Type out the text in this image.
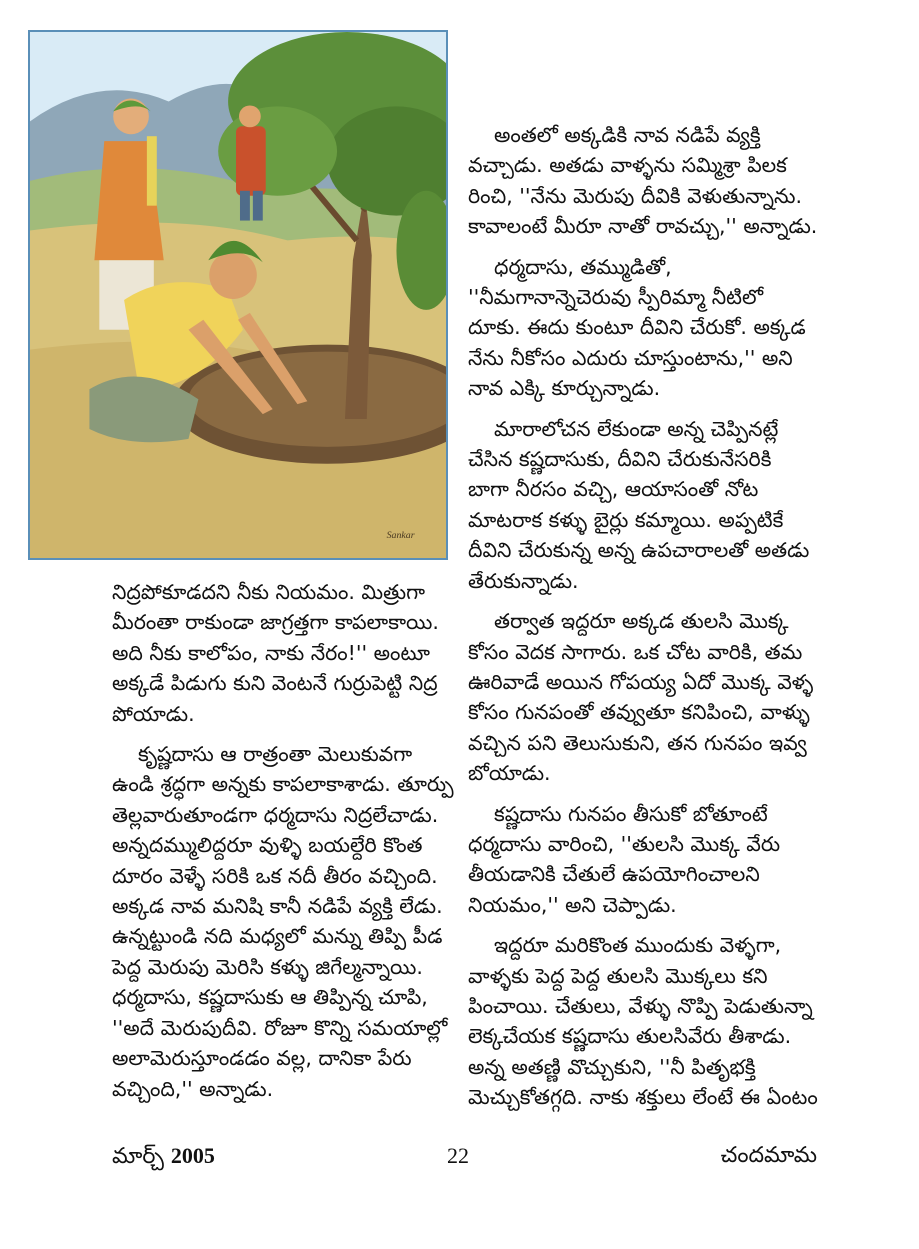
Sankar

అంతలో అక్కడికి నావ నడిపే వ్యక్తి వచ్చాడు. అతడు వాళ్ళను సమ్మిశ్రా పిలక రించి, ''నేను మెరుపు దీవికి వెళుతున్నాను. కావాలంటే మీరూ నాతో రావచ్చు,'' అన్నాడు.

ధర్మదాసు, తమ్ముడితో, ''నీమగానాన్నెచెరువు స్పీరిమ్మా నీటిలో దూకు. ఈదు కుంటూ దీవిని చేరుకో. అక్కడ నేను నీకోసం ఎదురు చూస్తుంటాను,'' అని నావ ఎక్కి కూర్చున్నాడు.

మారాలోచన లేకుండా అన్న చెప్పినట్లే చేసిన కష్ణదాసుకు, దీవిని చేరుకునేసరికి బాగా నీరసం వచ్చి, ఆయాసంతో నోట మాటరాక కళ్ళు బైర్లు కమ్మాయి. అప్పటికే దీవిని చేరుకున్న అన్న ఉపచారాలతో అతడు తేరుకున్నాడు.

తర్వాత ఇద్దరూ అక్కడ తులసి మొక్క కోసం వెదక సాగారు. ఒక చోట వారికి, తమ ఊరివాడే అయిన గోపయ్య ఏదో మొక్క వెళ్ళ కోసం గునపంతో తవ్వుతూ కనిపించి, వాళ్ళు వచ్చిన పని తెలుసుకుని, తన గునపం ఇవ్వ బోయాడు.

కష్ణదాసు గునపం తీసుకో బోతూంటే ధర్మదాసు వారించి, ''తులసి మొక్క వేరు తీయడానికి చేతులే ఉపయోగించాలని నియమం,'' అని చెప్పాడు.

ఇద్దరూ మరికొంత ముందుకు వెళ్ళగా, వాళ్ళకు పెద్ద పెద్ద తులసి మొక్కలు కని పించాయి. చేతులు, వేళ్ళు నొప్పి పెడుతున్నా లెక్కచేయక కష్ణదాసు తులసివేరు తీశాడు. అన్న అతణ్ణి వొచ్చుకుని, ''నీ పితృభక్తి మెచ్చుకోతగ్గది. నాకు శక్తులు లేంటే ఈ ఏంటం

నిద్రపోకూడదని నీకు నియమం. మిత్రుగా మీరంతా రాకుండా జాగ్రత్తగా కాపలాకాయి. అది నీకు కాలోపం, నాకు నేరం!'' అంటూ అక్కడే పిడుగు కుని వెంటనే గుర్రుపెట్టి నిద్ర పోయాడు.

కృష్ణదాసు ఆ రాత్రంతా మెలుకువగా ఉండి శ్రద్ధగా అన్నకు కాపలాకాశాడు. తూర్పు తెల్లవారుతూండగా ధర్మదాసు నిద్రలేచాడు. అన్నదమ్ములిద్దరూ వుళ్ళి బయల్దేరి కొంత దూరం వెళ్ళే సరికి ఒక నదీ తీరం వచ్చింది. అక్కడ నావ మనిషి కానీ నడిపే వ్యక్తి లేడు. ఉన్నట్టుండి నది మధ్యలో మన్ను తిప్పి పీడ పెద్ద మెరుపు మెరిసి కళ్ళు జిగేల్మన్నాయి. ధర్మదాసు, కష్ణదాసుకు ఆ తిప్పిన్న చూపి, ''అదే మెరుపుదీవి. రోజూ కొన్ని సమయాల్లో అలామెరుస్తూండడం వల్ల, దానికా పేరు వచ్చింది,'' అన్నాడు.

మార్చ్ 2005	22	చందమామ
